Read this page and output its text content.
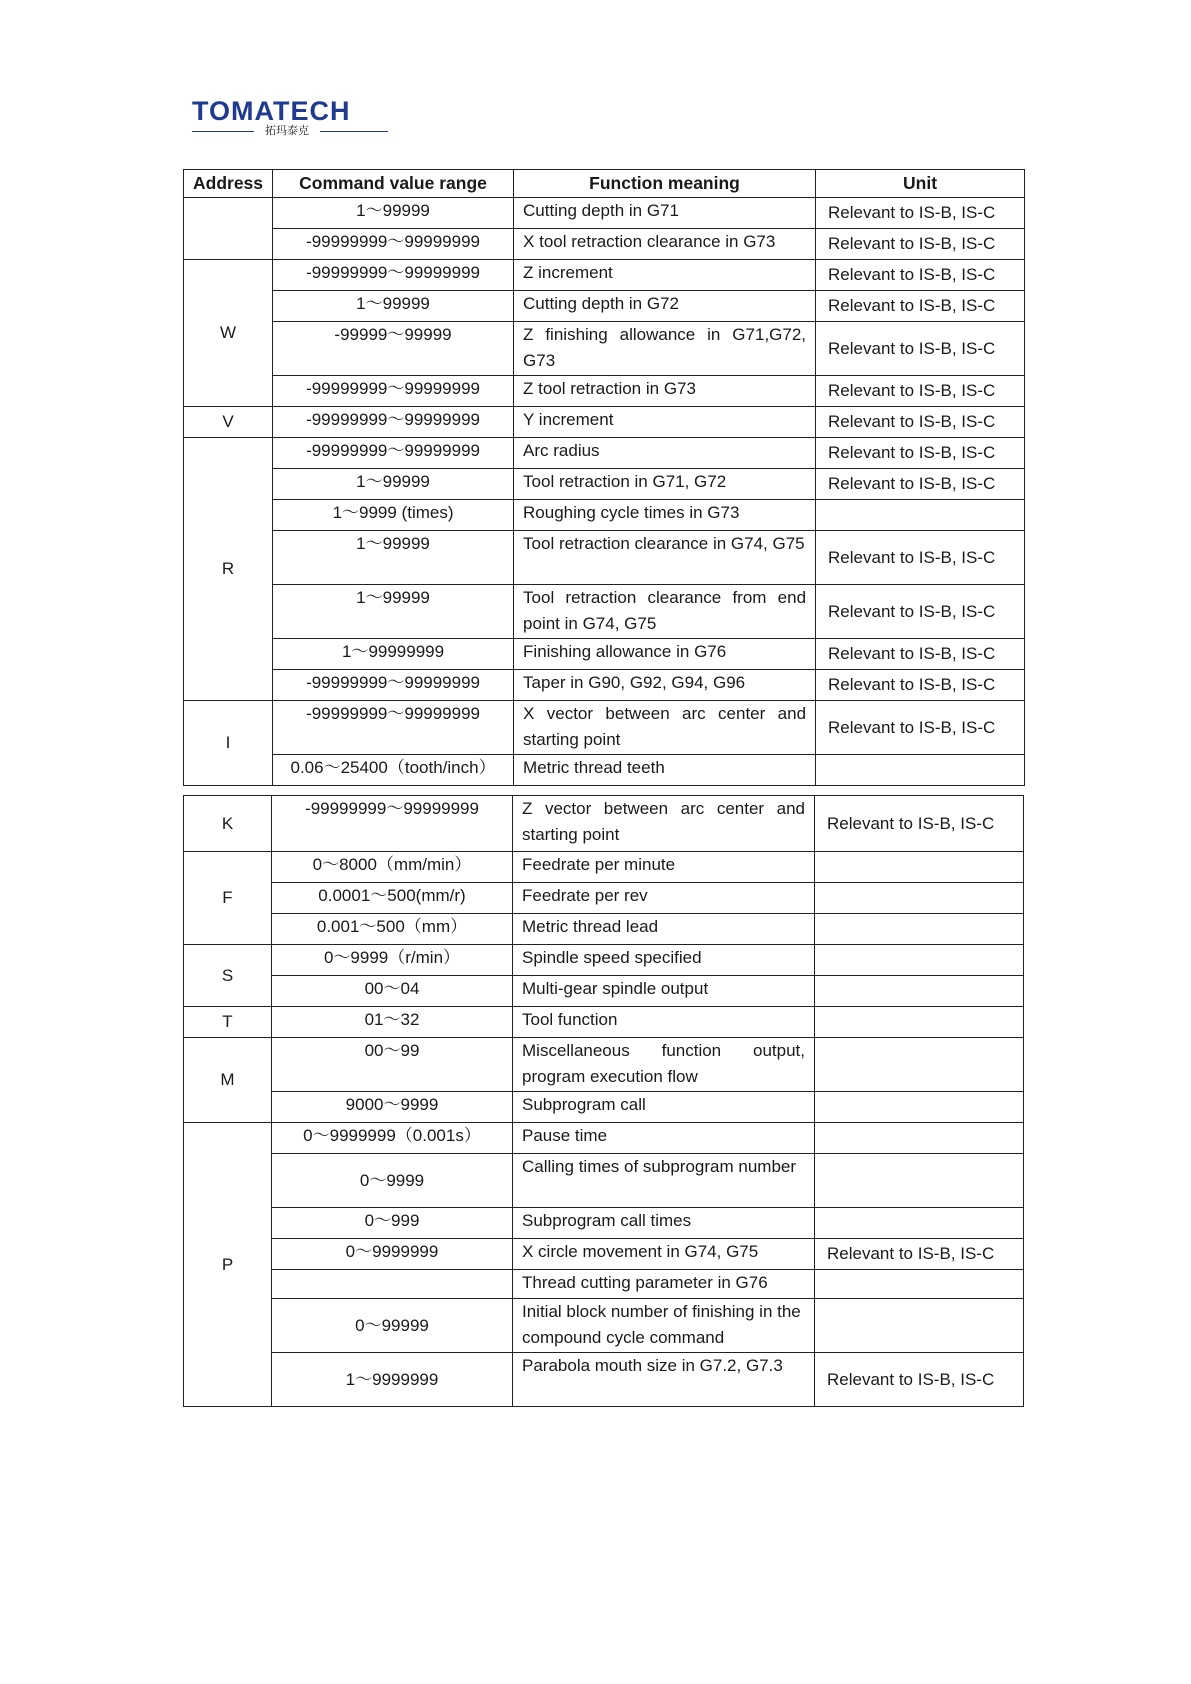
TOMATECH
拓玛泰克
Address	Command value range	Function meaning	Unit
	1～99999	Cutting depth in G71	Relevant to IS-B, IS-C
	-99999999～99999999	X tool retraction clearance in G73	Relevant to IS-B, IS-C
W	-99999999～99999999	Z increment	Relevant to IS-B, IS-C
	1～99999	Cutting depth in G72	Relevant to IS-B, IS-C
	-99999～99999	Z finishing allowance in G71,G72, G73	Relevant to IS-B, IS-C
	-99999999～99999999	Z tool retraction in G73	Relevant to IS-B, IS-C
V	-99999999～99999999	Y increment	Relevant to IS-B, IS-C
R	-99999999～99999999	Arc radius	Relevant to IS-B, IS-C
	1～99999	Tool retraction in G71, G72	Relevant to IS-B, IS-C
	1～9999 (times)	Roughing cycle times in G73	
	1～99999	Tool retraction clearance in G74, G75	Relevant to IS-B, IS-C
	1～99999	Tool retraction clearance from end point in G74, G75	Relevant to IS-B, IS-C
	1～99999999	Finishing allowance in G76	Relevant to IS-B, IS-C
	-99999999～99999999	Taper in G90, G92, G94, G96	Relevant to IS-B, IS-C
I	-99999999～99999999	X vector between arc center and starting point	Relevant to IS-B, IS-C
	0.06～25400（tooth/inch）	Metric thread teeth	
K	-99999999～99999999	Z vector between arc center and starting point	Relevant to IS-B, IS-C
F	0～8000（mm/min）	Feedrate per minute	
	0.0001～500(mm/r)	Feedrate per rev	
	0.001～500（mm）	Metric thread lead	
S	0～9999（r/min）	Spindle speed specified	
	00～04	Multi-gear spindle output	
T	01～32	Tool function	
M	00～99	Miscellaneous function output, program execution flow	
	9000～9999	Subprogram call	
P	0～9999999（0.001s）	Pause time	
	0～9999	Calling times of subprogram number	
	0～999	Subprogram call times	
	0～9999999	X circle movement in G74, G75	Relevant to IS-B, IS-C
		Thread cutting parameter in G76	
	0～99999	Initial block number of finishing in the compound cycle command	
	1～9999999	Parabola mouth size in G7.2, G7.3	Relevant to IS-B, IS-C
